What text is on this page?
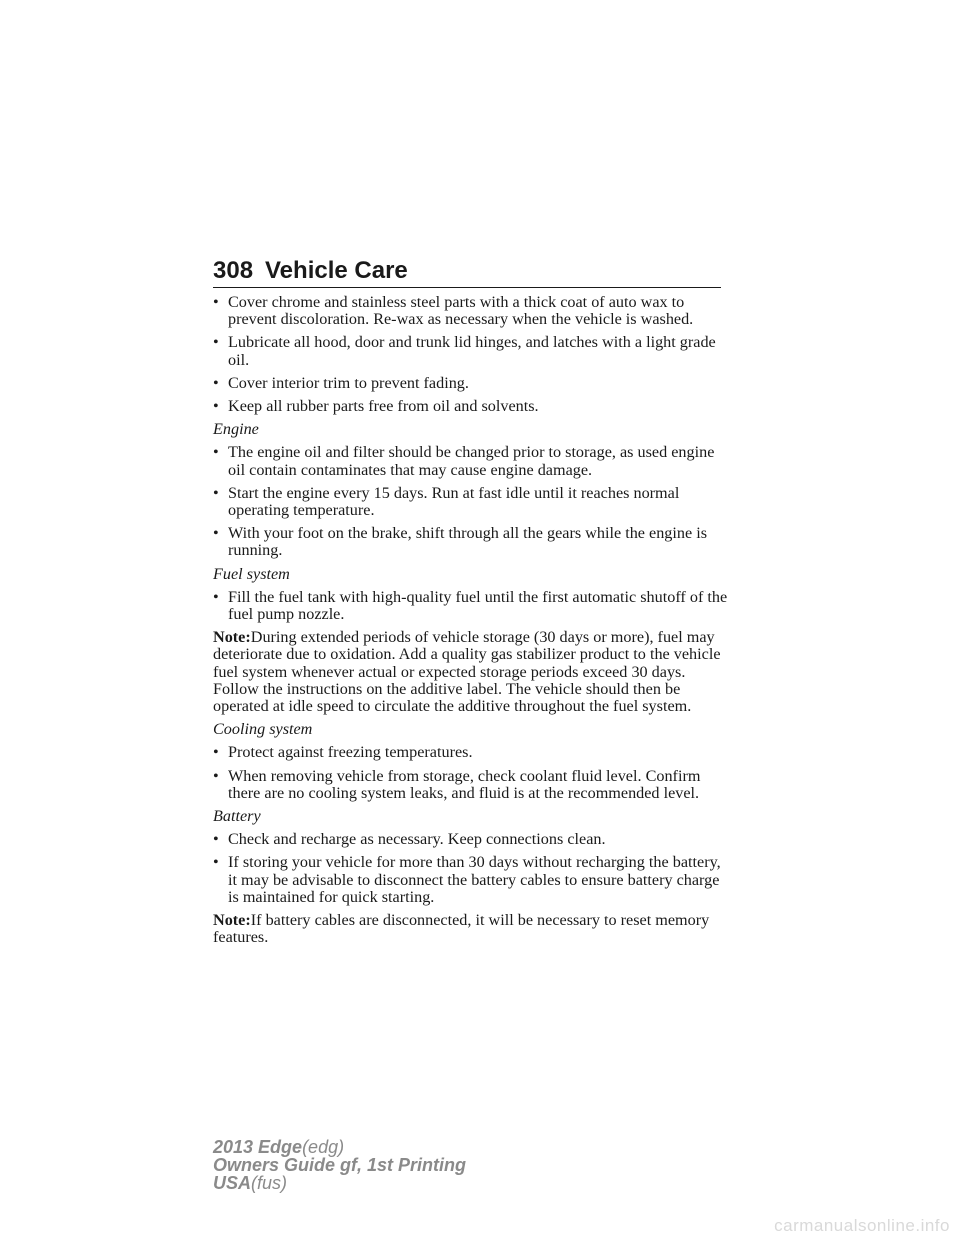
308 Vehicle Care
• Cover chrome and stainless steel parts with a thick coat of auto wax to prevent discoloration. Re-wax as necessary when the vehicle is washed.
• Lubricate all hood, door and trunk lid hinges, and latches with a light grade oil.
• Cover interior trim to prevent fading.
• Keep all rubber parts free from oil and solvents.
Engine
• The engine oil and filter should be changed prior to storage, as used engine oil contain contaminates that may cause engine damage.
• Start the engine every 15 days. Run at fast idle until it reaches normal operating temperature.
• With your foot on the brake, shift through all the gears while the engine is running.
Fuel system
• Fill the fuel tank with high-quality fuel until the first automatic shutoff of the fuel pump nozzle.
Note:During extended periods of vehicle storage (30 days or more), fuel may deteriorate due to oxidation. Add a quality gas stabilizer product to the vehicle fuel system whenever actual or expected storage periods exceed 30 days. Follow the instructions on the additive label. The vehicle should then be operated at idle speed to circulate the additive throughout the fuel system.
Cooling system
• Protect against freezing temperatures.
• When removing vehicle from storage, check coolant fluid level. Confirm there are no cooling system leaks, and fluid is at the recommended level.
Battery
• Check and recharge as necessary. Keep connections clean.
• If storing your vehicle for more than 30 days without recharging the battery, it may be advisable to disconnect the battery cables to ensure battery charge is maintained for quick starting.
Note:If battery cables are disconnected, it will be necessary to reset memory features.
2013 Edge(edg)
Owners Guide gf, 1st Printing
USA(fus)
carmanualsonline.info
